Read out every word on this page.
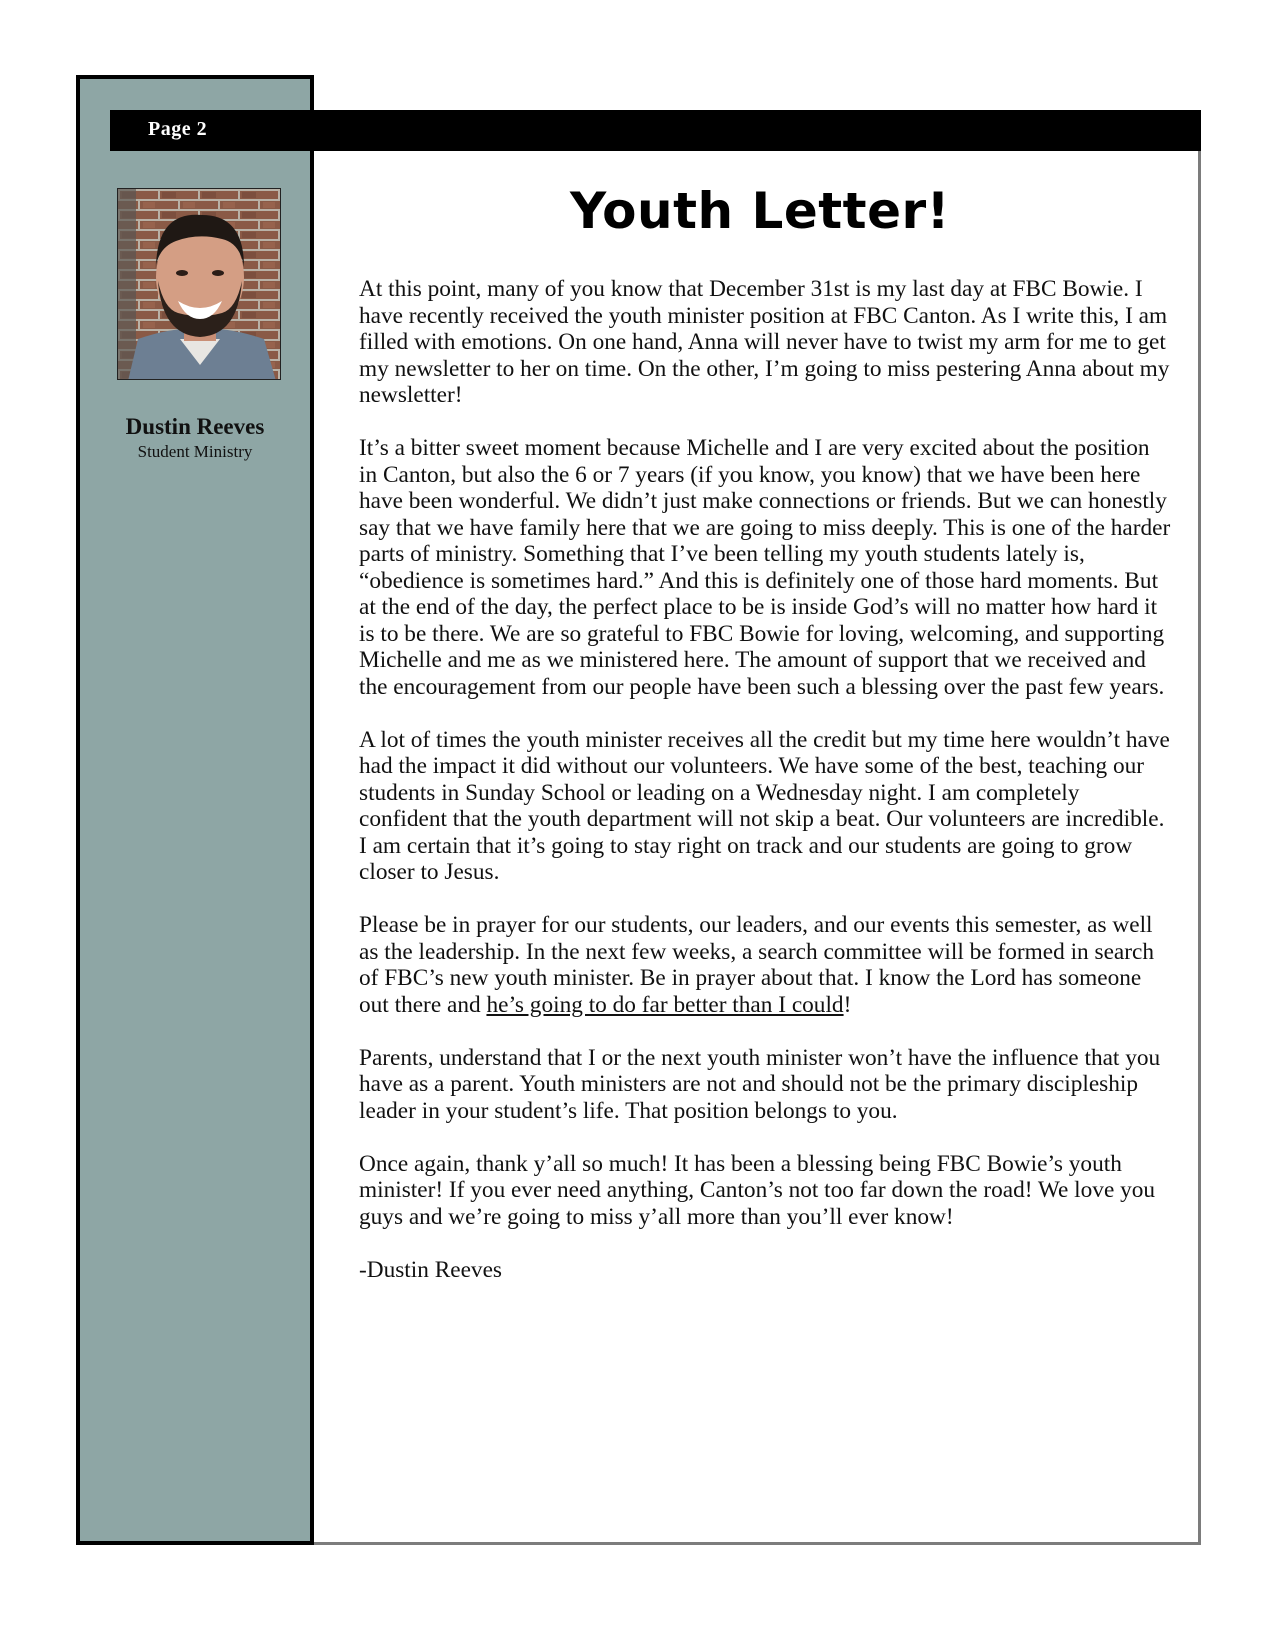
Page 2
Dustin Reeves
Student Ministry
Youth Letter!

At this point, many of you know that December 31st is my last day at FBC Bowie. I have recently received the youth minister position at FBC Canton. As I write this, I am filled with emotions. On one hand, Anna will never have to twist my arm for me to get my newsletter to her on time. On the other, I’m going to miss pestering Anna about my newsletter!

It’s a bitter sweet moment because Michelle and I are very excited about the position in Canton, but also the 6 or 7 years (if you know, you know) that we have been here have been wonderful. We didn’t just make connections or friends. But we can honestly say that we have family here that we are going to miss deeply. This is one of the harder parts of ministry. Something that I’ve been telling my youth students lately is, “obedience is sometimes hard.” And this is definitely one of those hard moments. But at the end of the day, the perfect place to be is inside God’s will no matter how hard it is to be there. We are so grateful to FBC Bowie for loving, welcoming, and supporting Michelle and me as we ministered here. The amount of support that we received and the encouragement from our people have been such a blessing over the past few years.

A lot of times the youth minister receives all the credit but my time here wouldn’t have had the impact it did without our volunteers. We have some of the best, teaching our students in Sunday School or leading on a Wednesday night. I am completely confident that the youth department will not skip a beat. Our volunteers are incredible. I am certain that it’s going to stay right on track and our students are going to grow closer to Jesus.

Please be in prayer for our students, our leaders, and our events this semester, as well as the leadership. In the next few weeks, a search committee will be formed in search of FBC’s new youth minister. Be in prayer about that. I know the Lord has someone out there and he’s going to do far better than I could!

Parents, understand that I or the next youth minister won’t have the influence that you have as a parent. Youth ministers are not and should not be the primary discipleship leader in your student’s life. That position belongs to you.

Once again, thank y’all so much! It has been a blessing being FBC Bowie’s youth minister! If you ever need anything, Canton’s not too far down the road! We love you guys and we’re going to miss y’all more than you’ll ever know!

-Dustin Reeves
